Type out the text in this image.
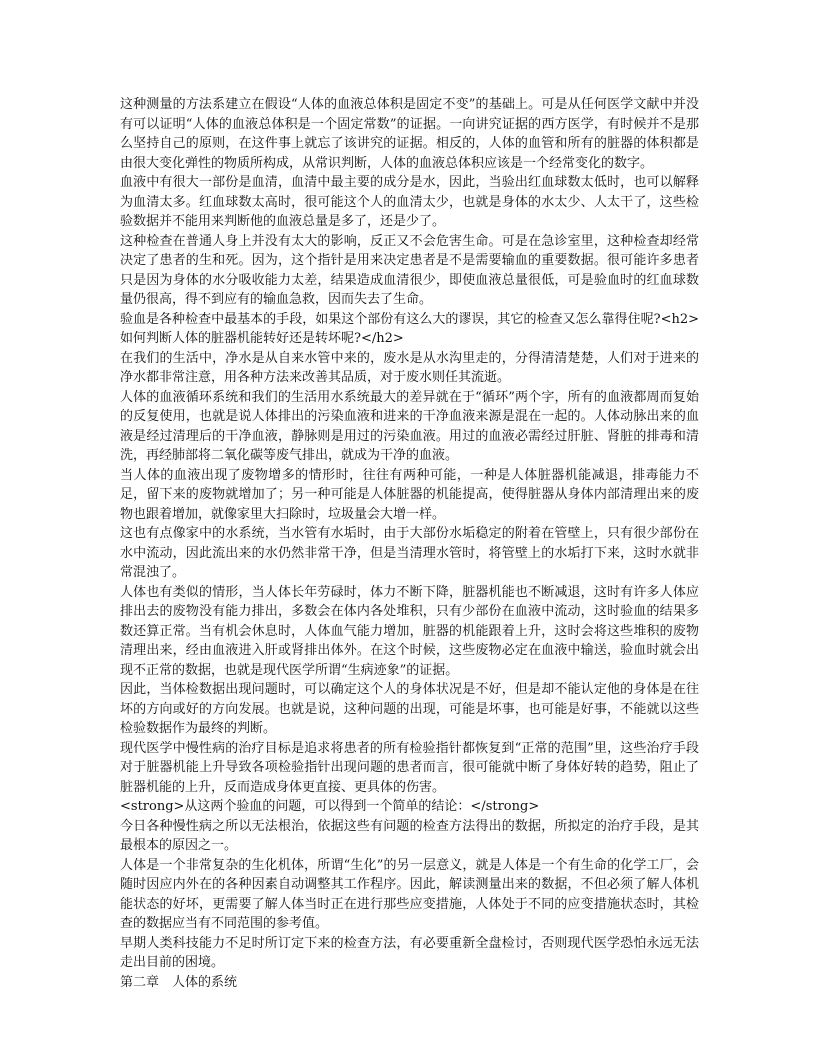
这种测量的方法系建立在假设“人体的血液总体积是固定不变”的基础上。可是从任何医学文献中并没有可以证明“人体的血液总体积是一个固定常数”的证据。一向讲究证据的西方医学，有时候并不是那么坚持自己的原则，在这件事上就忘了该讲究的证据。相反的，人体的血管和所有的脏器的体积都是由很大变化弹性的物质所构成，从常识判断，人体的血液总体积应该是一个经常变化的数字。

血液中有很大一部份是血清，血清中最主要的成分是水，因此，当验出红血球数太低时，也可以解释为血清太多。红血球数太高时，很可能这个人的血清太少，也就是身体的水太少、人太干了，这些检验数据并不能用来判断他的血液总量是多了，还是少了。

这种检查在普通人身上并没有太大的影响，反正又不会危害生命。可是在急诊室里，这种检查却经常决定了患者的生和死。因为，这个指针是用来决定患者是不是需要输血的重要数据。很可能许多患者只是因为身体的水分吸收能力太差，结果造成血清很少，即使血液总量很低，可是验血时的红血球数量仍很高，得不到应有的输血急救，因而失去了生命。

验血是各种检查中最基本的手段，如果这个部份有这么大的谬误，其它的检查又怎么靠得住呢?<h2>如何判断人体的脏器机能转好还是转坏呢?</h2>

在我们的生活中，净水是从自来水管中来的，废水是从水沟里走的，分得清清楚楚，人们对于进来的净水都非常注意，用各种方法来改善其品质，对于废水则任其流逝。

人体的血液循环系统和我们的生活用水系统最大的差异就在于“循环”两个字，所有的血液都周而复始的反复使用，也就是说人体排出的污染血液和进来的干净血液来源是混在一起的。人体动脉出来的血液是经过清理后的干净血液，静脉则是用过的污染血液。用过的血液必需经过肝脏、肾脏的排毒和清洗，再经肺部将二氧化碳等废气排出，就成为干净的血液。

当人体的血液出现了废物增多的情形时，往往有两种可能，一种是人体脏器机能减退，排毒能力不足，留下来的废物就增加了；另一种可能是人体脏器的机能提高，使得脏器从身体内部清理出来的废物也跟着增加，就像家里大扫除时，垃圾量会大增一样。

这也有点像家中的水系统，当水管有水垢时，由于大部份水垢稳定的附着在管壁上，只有很少部份在水中流动，因此流出来的水仍然非常干净，但是当清理水管时，将管壁上的水垢打下来，这时水就非常混浊了。

人体也有类似的情形，当人体长年劳碌时，体力不断下降，脏器机能也不断减退，这时有许多人体应排出去的废物没有能力排出，多数会在体内各处堆积，只有少部份在血液中流动，这时验血的结果多数还算正常。当有机会休息时，人体血气能力增加，脏器的机能跟着上升，这时会将这些堆积的废物清理出来，经由血液进入肝或肾排出体外。在这个时候，这些废物必定在血液中输送，验血时就会出现不正常的数据，也就是现代医学所谓“生病迹象”的证据。

因此，当体检数据出现问题时，可以确定这个人的身体状况是不好，但是却不能认定他的身体是在往坏的方向或好的方向发展。也就是说，这种问题的出现，可能是坏事，也可能是好事，不能就以这些检验数据作为最终的判断。

现代医学中慢性病的治疗目标是追求将患者的所有检验指针都恢复到“正常的范围”里，这些治疗手段对于脏器机能上升导致各项检验指针出现问题的患者而言，很可能就中断了身体好转的趋势，阻止了脏器机能的上升，反而造成身体更直接、更具体的伤害。

<strong>从这两个验血的问题，可以得到一个简单的结论：</strong>

今日各种慢性病之所以无法根治，依据这些有问题的检查方法得出的数据，所拟定的治疗手段，是其最根本的原因之一。

人体是一个非常复杂的生化机体，所谓“生化”的另一层意义，就是人体是一个有生命的化学工厂，会随时因应内外在的各种因素自动调整其工作程序。因此，解读测量出来的数据，不但必须了解人体机能状态的好坏，更需要了解人体当时正在进行那些应变措施，人体处于不同的应变措施状态时，其检查的数据应当有不同范围的参考值。

早期人类科技能力不足时所订定下来的检查方法，有必要重新全盘检讨，否则现代医学恐怕永远无法走出目前的困境。

第二章　人体的系统
